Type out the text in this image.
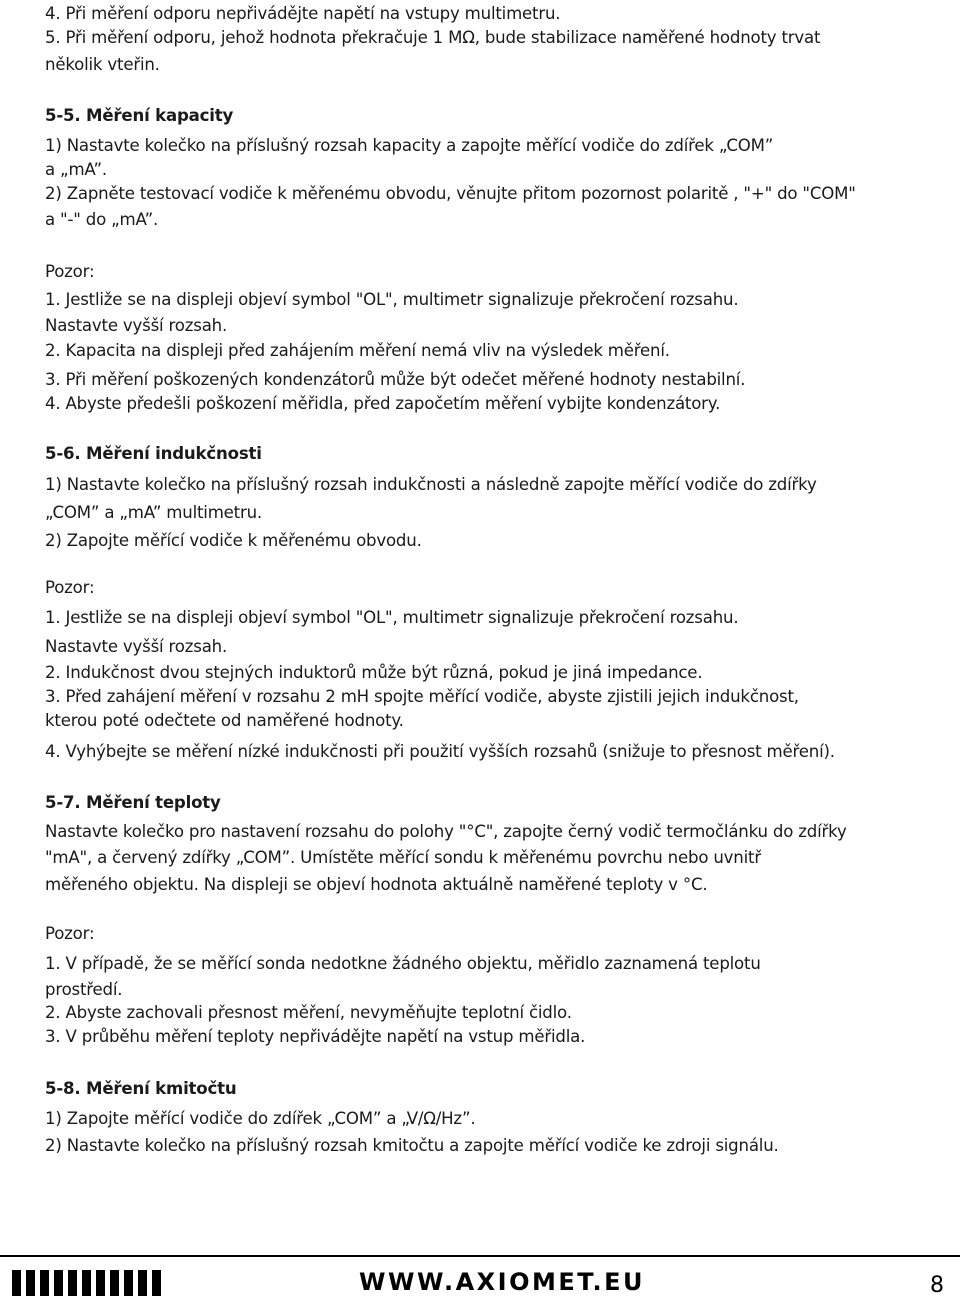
4. Při měření odporu nepřivádějte napětí na vstupy multimetru.
5. Při měření odporu, jehož hodnota překračuje 1 MΩ, bude stabilizace naměřené hodnoty trvat
několik vteřin.
5-5. Měření kapacity
1) Nastavte kolečko na příslušný rozsah kapacity a zapojte měřící vodiče do zdířek „COM”
a „mA”.
2) Zapněte testovací vodiče k měřenému obvodu, věnujte přitom pozornost polaritě , "+" do "COM"
a "-" do „mA”.
Pozor:
1. Jestliže se na displeji objeví symbol "OL", multimetr signalizuje překročení rozsahu.
Nastavte vyšší rozsah.
2. Kapacita na displeji před zahájením měření nemá vliv na výsledek měření.
3. Při měření poškozených kondenzátorů může být odečet měřené hodnoty nestabilní.
4. Abyste předešli poškození měřidla, před započetím měření vybijte kondenzátory.
5-6. Měření indukčnosti
1) Nastavte kolečko na příslušný rozsah indukčnosti a následně zapojte měřící vodiče do zdířky
„COM” a „mA” multimetru.
2) Zapojte měřící vodiče k měřenému obvodu.
Pozor:
1. Jestliže se na displeji objeví symbol "OL", multimetr signalizuje překročení rozsahu.
Nastavte vyšší rozsah.
2. Indukčnost dvou stejných induktorů může být různá, pokud je jiná impedance.
3. Před zahájení měření v rozsahu 2 mH spojte měřící vodiče, abyste zjistili jejich indukčnost,
kterou poté odečtete od naměřené hodnoty.
4. Vyhýbejte se měření nízké indukčnosti při použití vyšších rozsahů (snižuje to přesnost měření).
5-7. Měření teploty
Nastavte kolečko pro nastavení rozsahu do polohy "°C", zapojte černý vodič termočlánku do zdířky
"mA", a červený zdířky „COM”. Umístěte měřící sondu k měřenému povrchu nebo uvnitř
měřeného objektu. Na displeji se objeví hodnota aktuálně naměřené teploty v °C.
Pozor:
1. V případě, že se měřící sonda nedotkne žádného objektu, měřidlo zaznamená teplotu
prostředí.
2. Abyste zachovali přesnost měření, nevyměňujte teplotní čidlo.
3. V průběhu měření teploty nepřivádějte napětí na vstup měřidla.
5-8. Měření kmitočtu
1) Zapojte měřící vodiče do zdířek „COM” a „V/Ω/Hz”.
2) Nastavte kolečko na příslušný rozsah kmitočtu a zapojte měřící vodiče ke zdroji signálu.
WWW.AXIOMET.EU	8
